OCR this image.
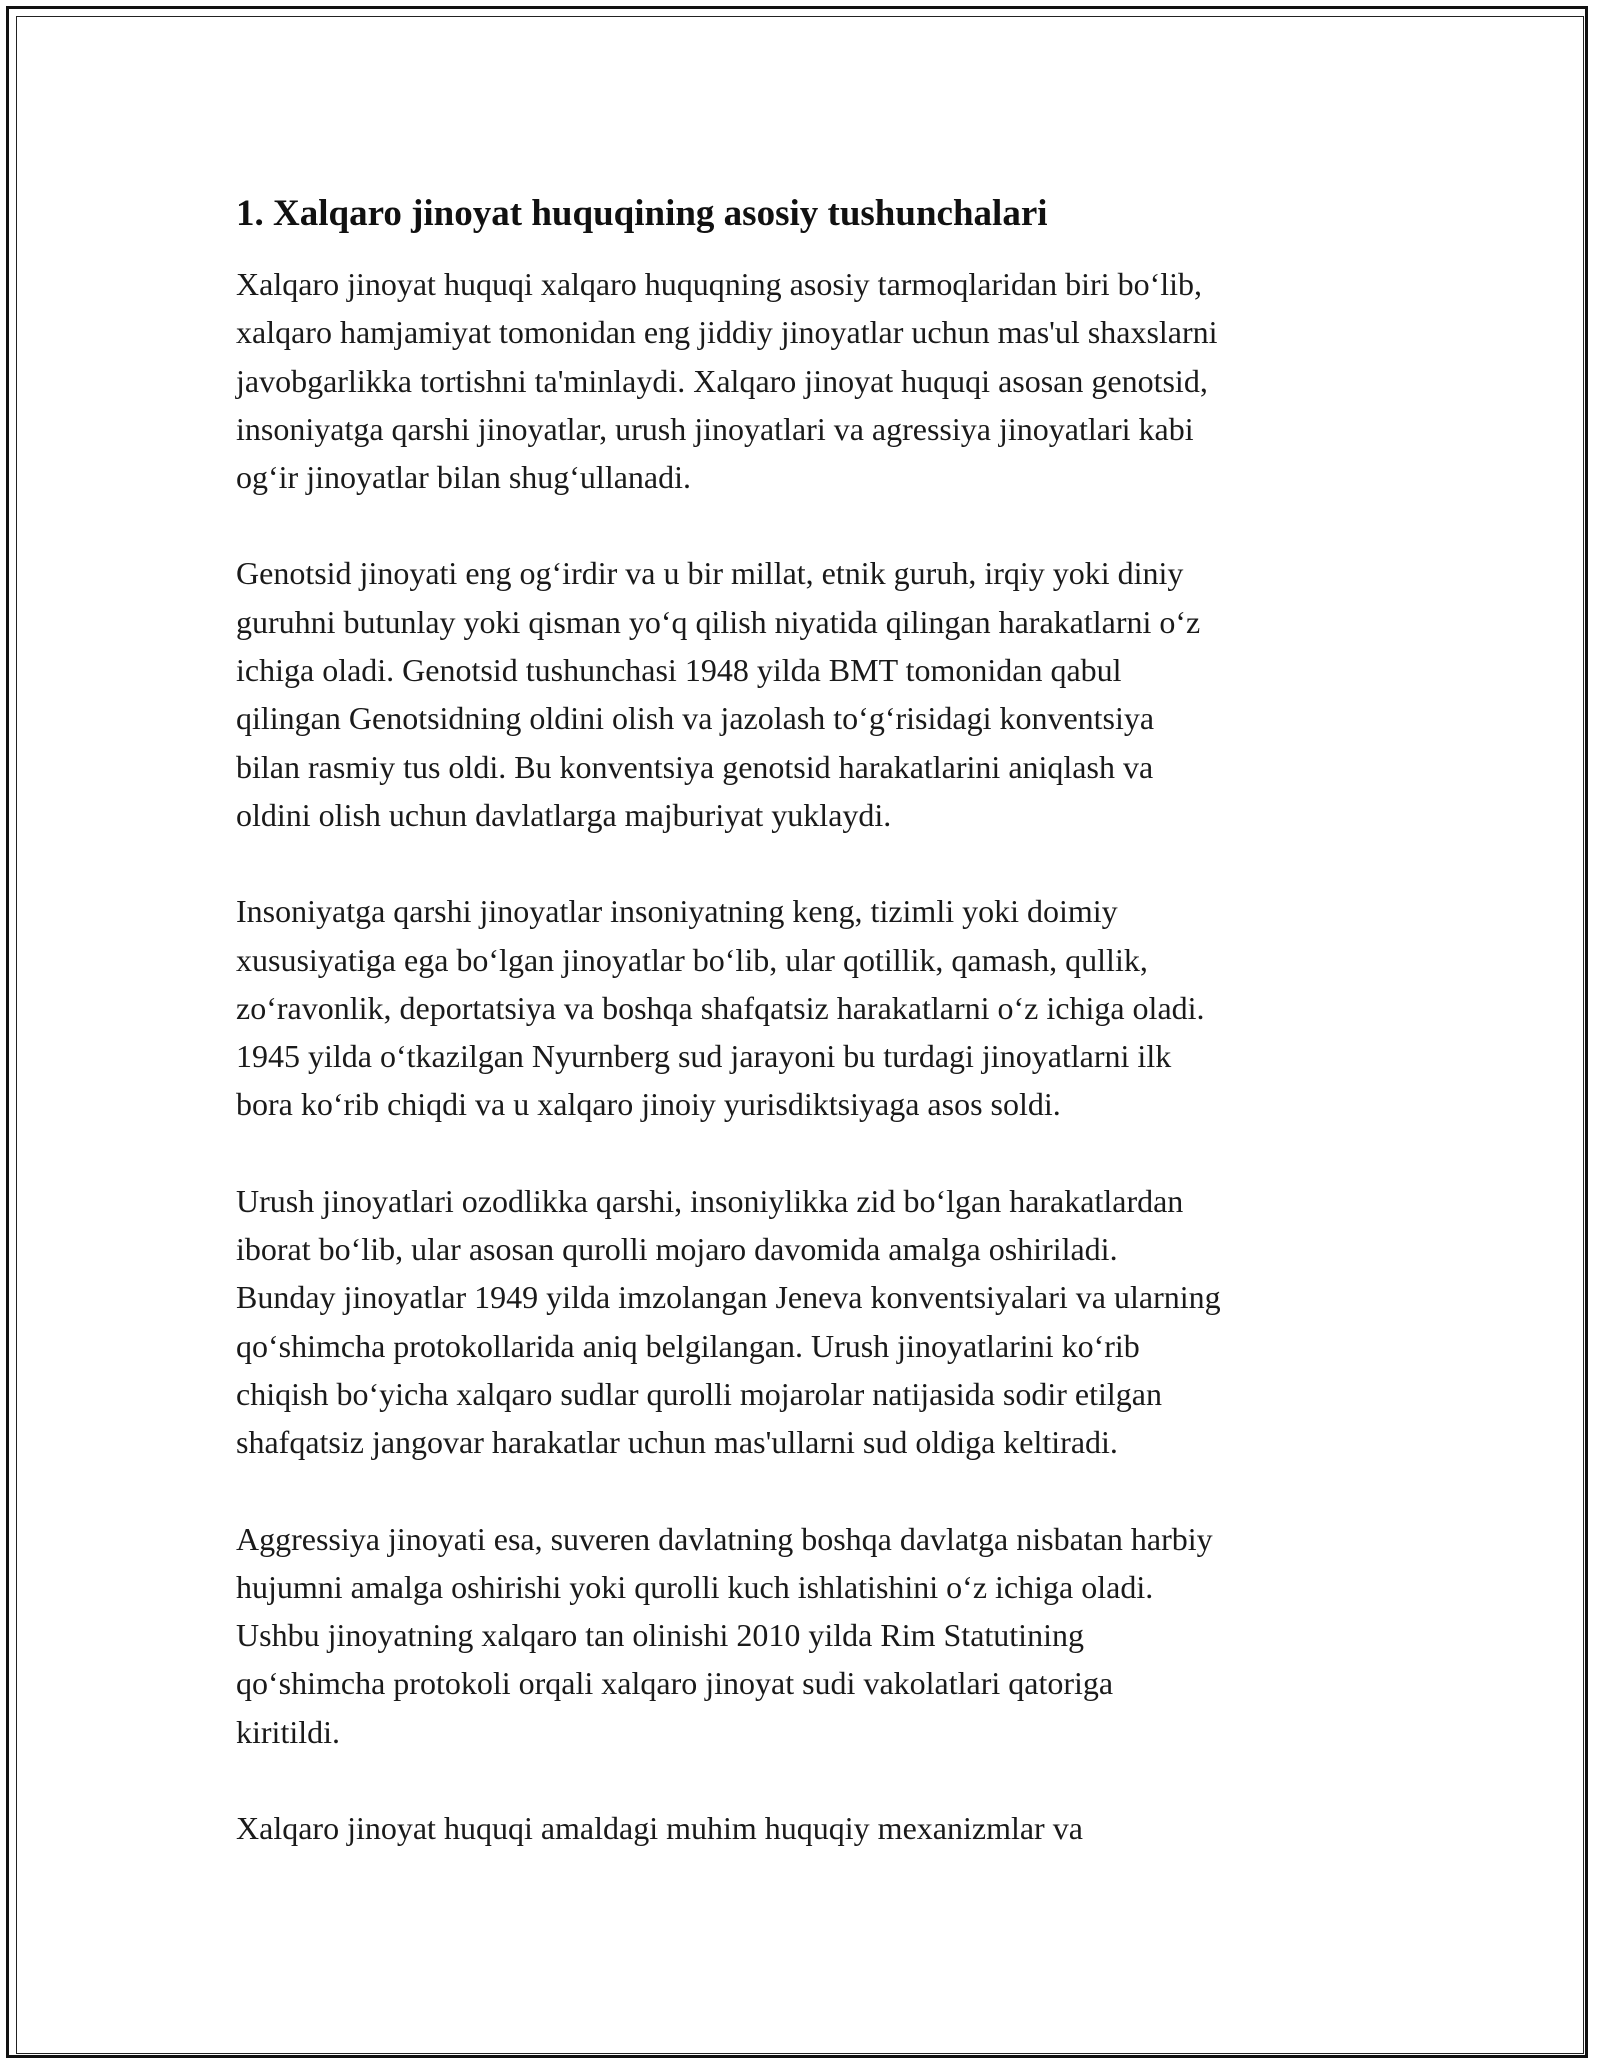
1. Xalqaro jinoyat huquqining asosiy tushunchalari

Xalqaro jinoyat huquqi xalqaro huquqning asosiy tarmoqlaridan biri bo‘lib,
xalqaro hamjamiyat tomonidan eng jiddiy jinoyatlar uchun mas'ul shaxslarni
javobgarlikka tortishni ta'minlaydi. Xalqaro jinoyat huquqi asosan genotsid,
insoniyatga qarshi jinoyatlar, urush jinoyatlari va agressiya jinoyatlari kabi
og‘ir jinoyatlar bilan shug‘ullanadi.

Genotsid jinoyati eng og‘irdir va u bir millat, etnik guruh, irqiy yoki diniy
guruhni butunlay yoki qisman yo‘q qilish niyatida qilingan harakatlarni o‘z
ichiga oladi. Genotsid tushunchasi 1948 yilda BMT tomonidan qabul
qilingan Genotsidning oldini olish va jazolash to‘g‘risidagi konventsiya
bilan rasmiy tus oldi. Bu konventsiya genotsid harakatlarini aniqlash va
oldini olish uchun davlatlarga majburiyat yuklaydi.

Insoniyatga qarshi jinoyatlar insoniyatning keng, tizimli yoki doimiy
xususiyatiga ega bo‘lgan jinoyatlar bo‘lib, ular qotillik, qamash, qullik,
zo‘ravonlik, deportatsiya va boshqa shafqatsiz harakatlarni o‘z ichiga oladi.
1945 yilda o‘tkazilgan Nyurnberg sud jarayoni bu turdagi jinoyatlarni ilk
bora ko‘rib chiqdi va u xalqaro jinoiy yurisdiktsiyaga asos soldi.

Urush jinoyatlari ozodlikka qarshi, insoniylikka zid bo‘lgan harakatlardan
iborat bo‘lib, ular asosan qurolli mojaro davomida amalga oshiriladi.
Bunday jinoyatlar 1949 yilda imzolangan Jeneva konventsiyalari va ularning
qo‘shimcha protokollarida aniq belgilangan. Urush jinoyatlarini ko‘rib
chiqish bo‘yicha xalqaro sudlar qurolli mojarolar natijasida sodir etilgan
shafqatsiz jangovar harakatlar uchun mas'ullarni sud oldiga keltiradi.

Aggressiya jinoyati esa, suveren davlatning boshqa davlatga nisbatan harbiy
hujumni amalga oshirishi yoki qurolli kuch ishlatishini o‘z ichiga oladi.
Ushbu jinoyatning xalqaro tan olinishi 2010 yilda Rim Statutining
qo‘shimcha protokoli orqali xalqaro jinoyat sudi vakolatlari qatoriga
kiritildi.

Xalqaro jinoyat huquqi amaldagi muhim huquqiy mexanizmlar va
